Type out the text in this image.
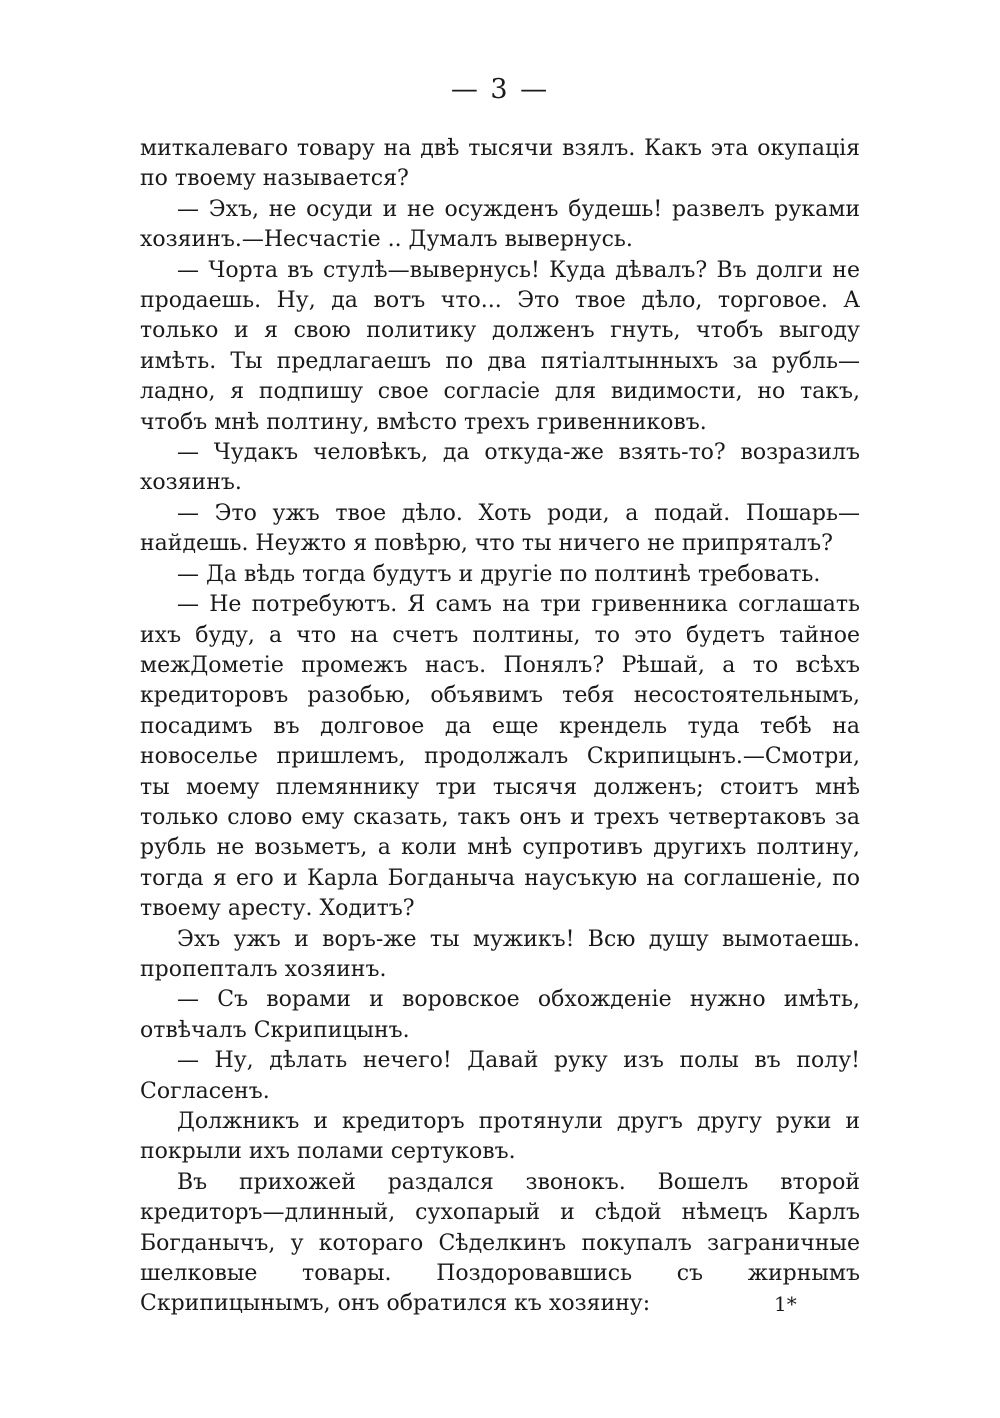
— 3 —

миткалеваго товару на двѣ тысячи взялъ. Какъ эта окупація по твоему называется?

— Эхъ, не осуди и не осужденъ будешь! развелъ руками хозяинъ.—Несчастіе .. Думалъ вывернусь.

— Чорта въ стулѣ—вывернусь! Куда дѣвалъ? Въ долги не продаешь. Ну, да вотъ что... Это твое дѣло, торговое. А только и я свою политику долженъ гнуть, чтобъ выгоду имѣть. Ты предлагаешъ по два пятіалтынныхъ за рубль—ладно, я подпишу свое согласіе для видимости, но такъ, чтобъ мнѣ полтину, вмѣсто трехъ гривенниковъ.

— Чудакъ человѣкъ, да откуда-же взять-то? возразилъ хозяинъ.

— Это ужъ твое дѣло. Хоть роди, а подай. Пошарь—найдешь. Неужто я повѣрю, что ты ничего не припряталъ?

— Да вѣдь тогда будутъ и другіе по полтинѣ требовать.

— Не потребуютъ. Я самъ на три гривенника соглашать ихъ буду, а что на счетъ полтины, то это будетъ тайное межДометіе промежъ насъ. Понялъ? Рѣшай, а то всѣхъ кредиторовъ разобью, объявимъ тебя несостоятельнымъ, посадимъ въ долговое да еще крендель туда тебѣ на новоселье пришлемъ, продолжалъ Скрипицынъ.—Смотри, ты моему племяннику три тысячя долженъ; стоитъ мнѣ только слово ему сказать, такъ онъ и трехъ четвертаковъ за рубль не возьметъ, а коли мнѣ супротивъ другихъ полтину, тогда я его и Карла Богданыча наусъкую на соглашеніе, по твоему аресту. Ходитъ?

Эхъ ужъ и воръ-же ты мужикъ! Всю душу вымотаешь. пропепталъ хозяинъ.

— Съ ворами и воровское обхожденіе нужно имѣть, отвѣчалъ Скрипицынъ.

— Ну, дѣлать нечего! Давай руку изъ полы въ полу! Согласенъ.

Должникъ и кредиторъ протянули другъ другу руки и покрыли ихъ полами сертуковъ.

Въ прихожей раздался звонокъ. Вошелъ второй кредиторъ—длинный, сухопарый и сѣдой нѣмецъ Карлъ Богданычъ, у котораго Сѣделкинъ покупалъ заграничные шелковые товары. Поздоровавшись съ жирнымъ Скрипицынымъ, онъ обратился къ хозяину:	1*
